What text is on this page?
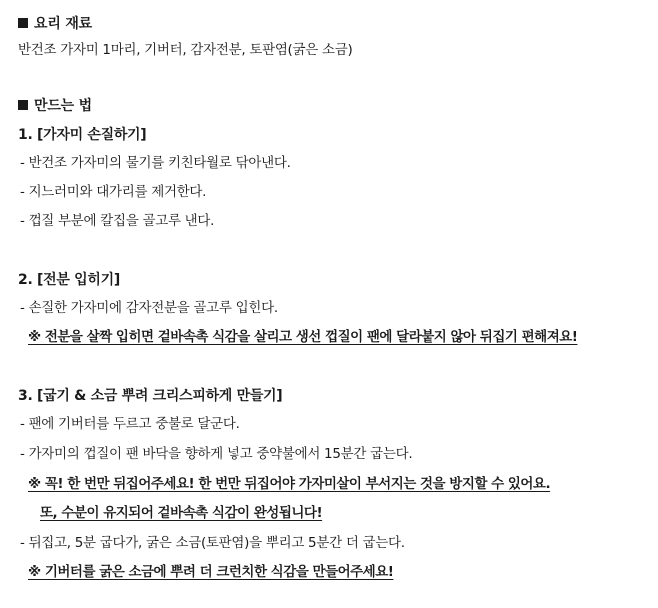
요리 재료
반건조 가자미 1마리, 기버터, 감자전분, 토판염(굵은 소금)
만드는 법
1. [가자미 손질하기]
- 반건조 가자미의 물기를 키친타월로 닦아낸다.
- 지느러미와 대가리를 제거한다.
- 껍질 부분에 칼집을 골고루 낸다.
2. [전분 입히기]
- 손질한 가자미에 감자전분을 골고루 입힌다.
※ 전분을 살짝 입히면 겉바속촉 식감을 살리고 생선 껍질이 팬에 달라붙지 않아 뒤집기 편해져요!
3. [굽기 & 소금 뿌려 크리스피하게 만들기]
- 팬에 기버터를 두르고 중불로 달군다.
- 가자미의 껍질이 팬 바닥을 향하게 넣고 중약불에서 15분간 굽는다.
※ 꼭! 한 번만 뒤집어주세요! 한 번만 뒤집어야 가자미살이 부서지는 것을 방지할 수 있어요.
또, 수분이 유지되어 겉바속촉 식감이 완성됩니다!
- 뒤집고, 5분 굽다가, 굵은 소금(토판염)을 뿌리고 5분간 더 굽는다.
※ 기버터를 굵은 소금에 뿌려 더 크런치한 식감을 만들어주세요!
